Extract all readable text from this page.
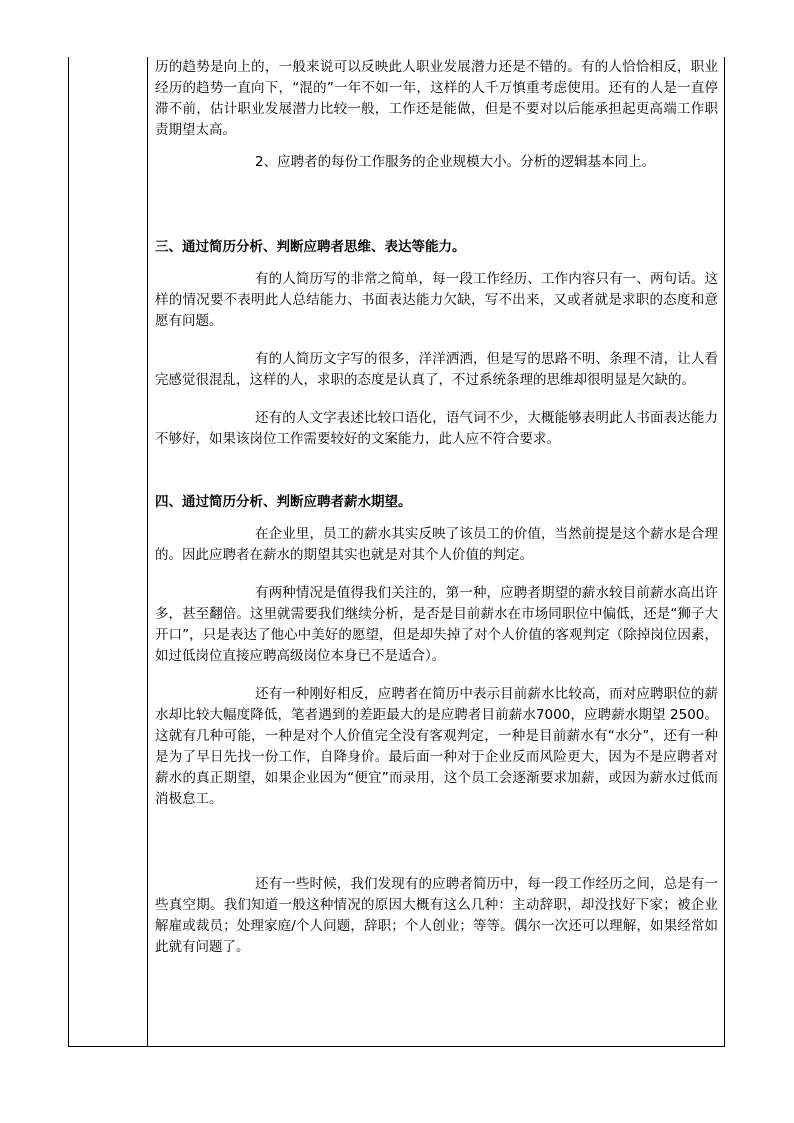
历的趋势是向上的，一般来说可以反映此人职业发展潜力还是不错的。有的人恰恰相反，职业经历的趋势一直向下，“混的”一年不如一年，这样的人千万慎重考虑使用。还有的人是一直停滞不前，估计职业发展潜力比较一般，工作还是能做，但是不要对以后能承担起更高端工作职责期望太高。

2、应聘者的每份工作服务的企业规模大小。分析的逻辑基本同上。

三、通过简历分析、判断应聘者思维、表达等能力。

有的人简历写的非常之简单，每一段工作经历、工作内容只有一、两句话。这样的情况要不表明此人总结能力、书面表达能力欠缺，写不出来，又或者就是求职的态度和意愿有问题。

有的人简历文字写的很多，洋洋洒洒，但是写的思路不明、条理不清，让人看完感觉很混乱，这样的人，求职的态度是认真了，不过系统条理的思维却很明显是欠缺的。

还有的人文字表述比较口语化，语气词不少，大概能够表明此人书面表达能力不够好，如果该岗位工作需要较好的文案能力，此人应不符合要求。

四、通过简历分析、判断应聘者薪水期望。

在企业里，员工的薪水其实反映了该员工的价值，当然前提是这个薪水是合理的。因此应聘者在薪水的期望其实也就是对其个人价值的判定。

有两种情况是值得我们关注的，第一种，应聘者期望的薪水较目前薪水高出许多，甚至翻倍。这里就需要我们继续分析，是否是目前薪水在市场同职位中偏低，还是“狮子大开口”，只是表达了他心中美好的愿望，但是却失掉了对个人价值的客观判定（除掉岗位因素，如过低岗位直接应聘高级岗位本身已不是适合）。

还有一种刚好相反，应聘者在简历中表示目前薪水比较高，而对应聘职位的薪水却比较大幅度降低，笔者遇到的差距最大的是应聘者目前薪水7000，应聘薪水期望 2500。这就有几种可能，一种是对个人价值完全没有客观判定，一种是目前薪水有“水分”，还有一种是为了早日先找一份工作，自降身价。最后面一种对于企业反而风险更大，因为不是应聘者对薪水的真正期望，如果企业因为“便宜”而录用，这个员工会逐渐要求加薪，或因为薪水过低而消极怠工。

还有一些时候，我们发现有的应聘者简历中，每一段工作经历之间，总是有一些真空期。我们知道一般这种情况的原因大概有这么几种：主动辞职，却没找好下家；被企业解雇或裁员；处理家庭/个人问题，辞职；个人创业；等等。偶尔一次还可以理解，如果经常如此就有问题了。
